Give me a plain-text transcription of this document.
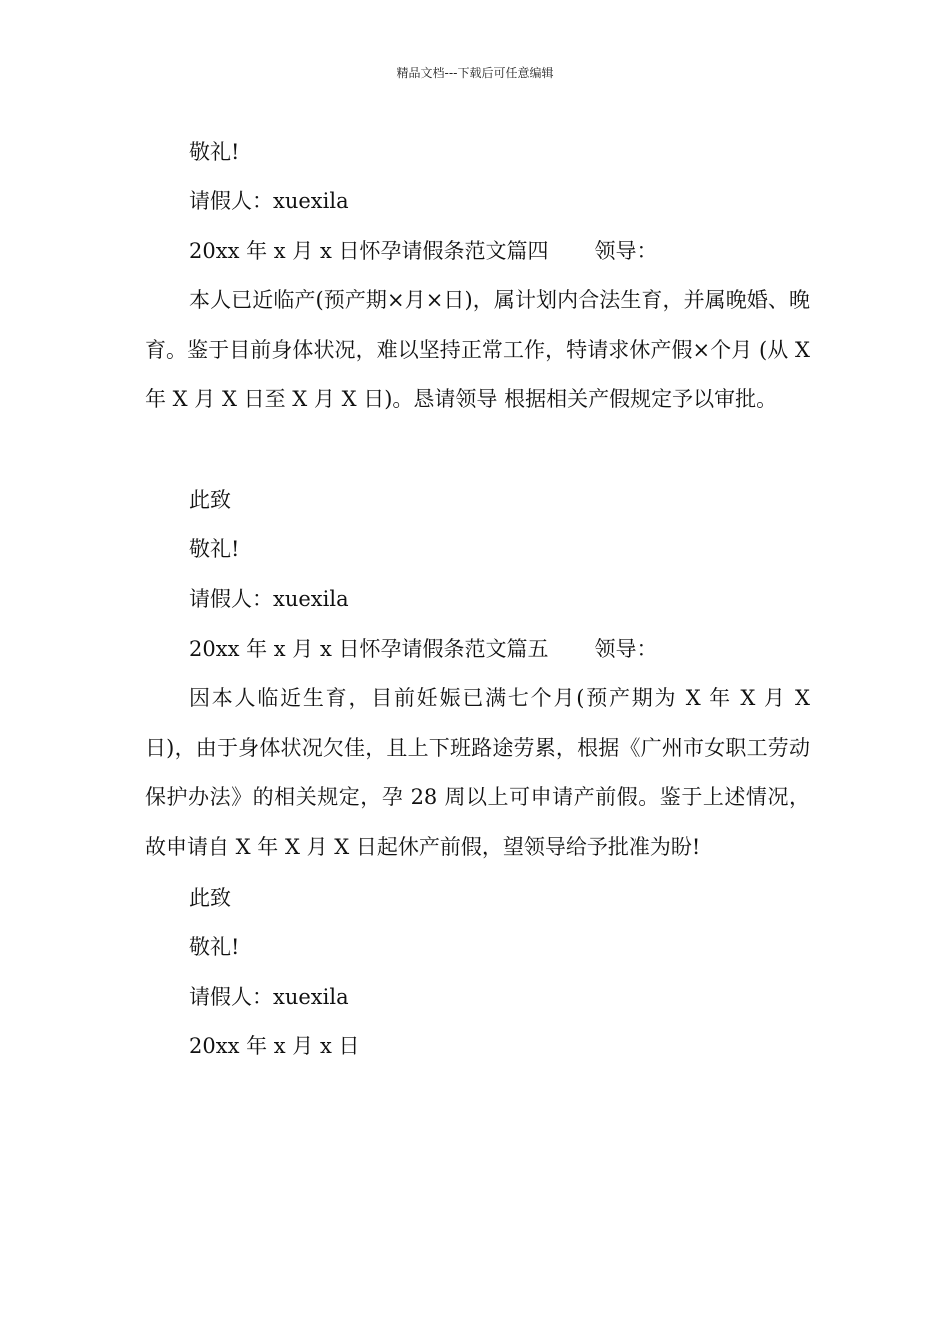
精品文档---下载后可任意编辑
敬礼!
请假人：xuexila
20xx 年 x 月 x 日怀孕请假条范文篇四 领导：
本人已近临产(预产期×月×日)，属计划内合法生育，并属晚婚、晚育。鉴于目前身体状况，难以坚持正常工作，特请求休产假×个月 (从 X 年 X 月 X 日至 X 月 X 日)。恳请领导 根据相关产假规定予以审批。
此致
敬礼!
请假人：xuexila
20xx 年 x 月 x 日怀孕请假条范文篇五 领导：
因本人临近生育，目前妊娠已满七个月(预产期为 X 年 X 月 X 日)，由于身体状况欠佳，且上下班路途劳累，根据《广州市女职工劳动保护办法》的相关规定，孕 28 周以上可申请产前假。鉴于上述情况，故申请自 X 年 X 月 X 日起休产前假，望领导给予批准为盼!
此致
敬礼!
请假人：xuexila
20xx 年 x 月 x 日
